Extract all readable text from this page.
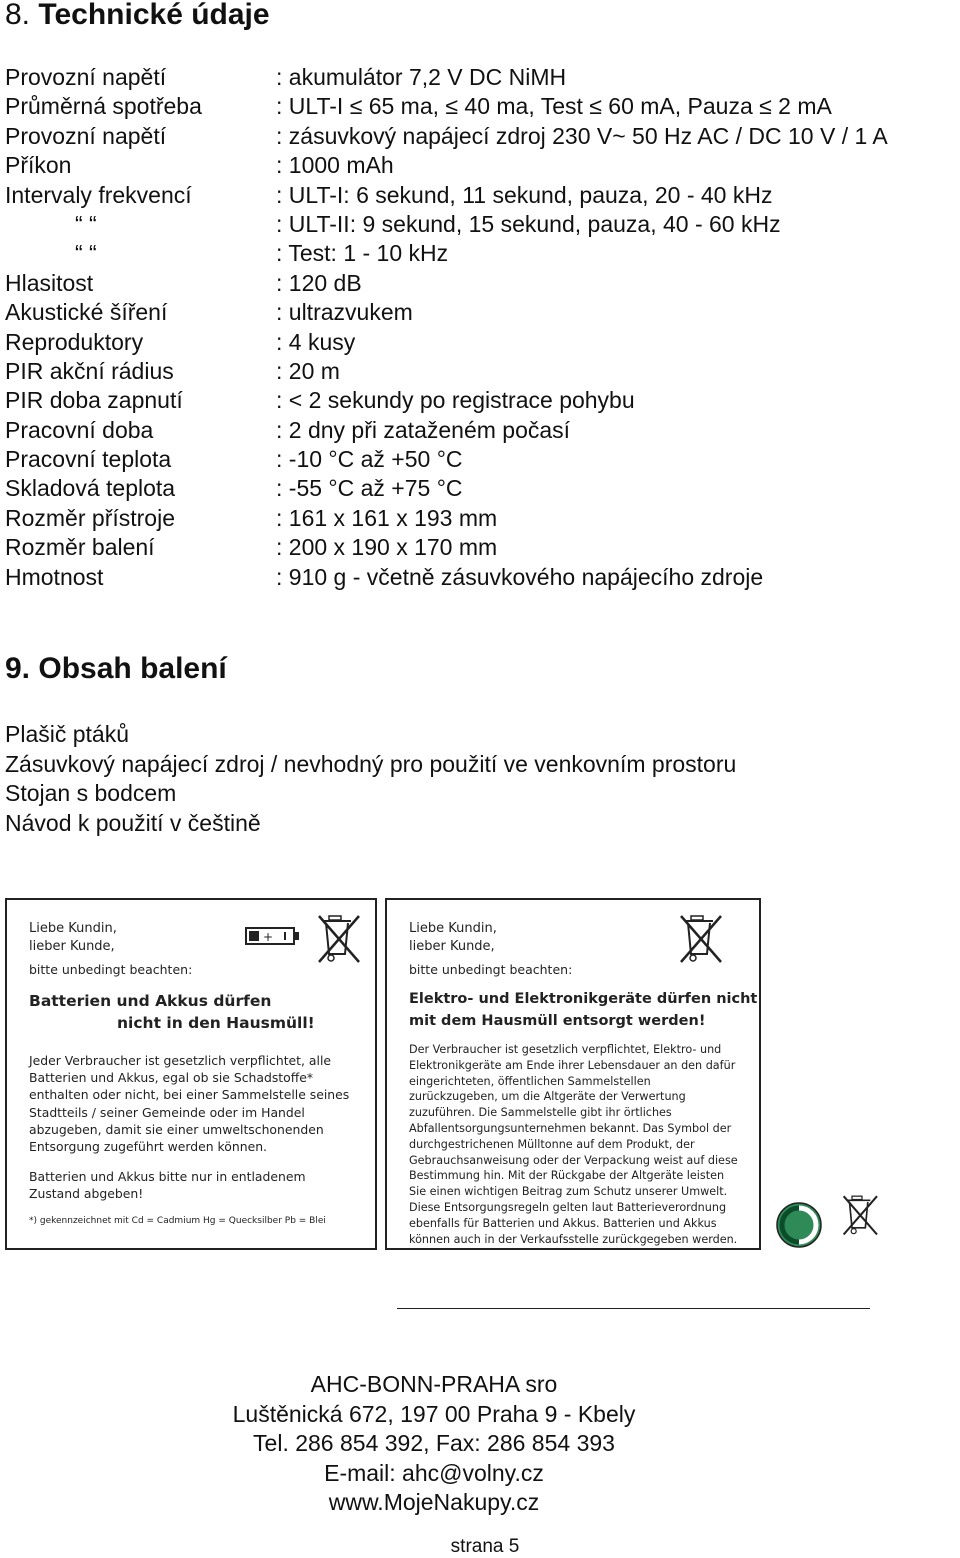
8. Technické údaje
Provozní napětí	: akumulátor 7,2 V DC NiMH
Průměrná spotřeba	: ULT-I ≤ 65 ma, ≤ 40 ma, Test ≤ 60 mA, Pauza ≤ 2 mA
Provozní napětí	: zásuvkový napájecí zdroj 230 V~ 50 Hz AC / DC 10 V / 1 A
Příkon	: 1000 mAh
Intervaly frekvencí	: ULT-I: 6 sekund, 11 sekund, pauza, 20 - 40 kHz
“ “	: ULT-II: 9 sekund, 15 sekund, pauza, 40 - 60 kHz
“ “	: Test: 1 - 10 kHz
Hlasitost	: 120 dB
Akustické šíření	: ultrazvukem
Reproduktory	: 4 kusy
PIR akční rádius	: 20 m
PIR doba zapnutí	: < 2 sekundy po registrace pohybu
Pracovní doba	: 2 dny při zataženém počasí
Pracovní teplota	: -10 °C až +50 °C
Skladová teplota	: -55 °C až +75 °C
Rozměr přístroje	: 161 x 161 x 193 mm
Rozměr balení	: 200 x 190 x 170 mm
Hmotnost	: 910 g - včetně zásuvkového napájecího zdroje
9. Obsah balení
Plašič ptáků
Zásuvkový napájecí zdroj / nevhodný pro použití ve venkovním prostoru
Stojan s bodcem
Návod k použití v češtině
Liebe Kundin,
lieber Kunde,
+
bitte unbedingt beachten:
Batterien und Akkus dürfen
nicht in den Hausmüll!
Jeder Verbraucher ist gesetzlich verpflichtet, alle Batterien und Akkus, egal ob sie Schadstoffe* enthalten oder nicht, bei einer Sammelstelle seines Stadtteils / seiner Gemeinde oder im Handel abzugeben, damit sie einer umweltschonenden Entsorgung zugeführt werden können.
Batterien und Akkus bitte nur in entladenem Zustand abgeben!
*) gekennzeichnet mit Cd = Cadmium Hg = Quecksilber Pb = Blei
Liebe Kundin,
lieber Kunde,
bitte unbedingt beachten:
Elektro- und Elektronikgeräte dürfen nicht
mit dem Hausmüll entsorgt werden!
Der Verbraucher ist gesetzlich verpflichtet, Elektro- und Elektronikgeräte am Ende ihrer Lebensdauer an den dafür eingerichteten, öffentlichen Sammelstellen zurückzugeben, um die Altgeräte der Verwertung zuzuführen. Die Sammelstelle gibt ihr örtliches Abfallentsorgungsunternehmen bekannt. Das Symbol der durchgestrichenen Mülltonne auf dem Produkt, der Gebrauchsanweisung oder der Verpackung weist auf diese Bestimmung hin. Mit der Rückgabe der Altgeräte leisten Sie einen wichtigen Beitrag zum Schutz unserer Umwelt. Diese Entsorgungsregeln gelten laut Batterieverordnung ebenfalls für Batterien und Akkus. Batterien und Akkus können auch in der Verkaufsstelle zurückgegeben werden.
AHC-BONN-PRAHA sro
Luštěnická 672, 197 00 Praha 9 - Kbely
Tel. 286 854 392, Fax: 286 854 393
E-mail: ahc@volny.cz
www.MojeNakupy.cz
strana 5
